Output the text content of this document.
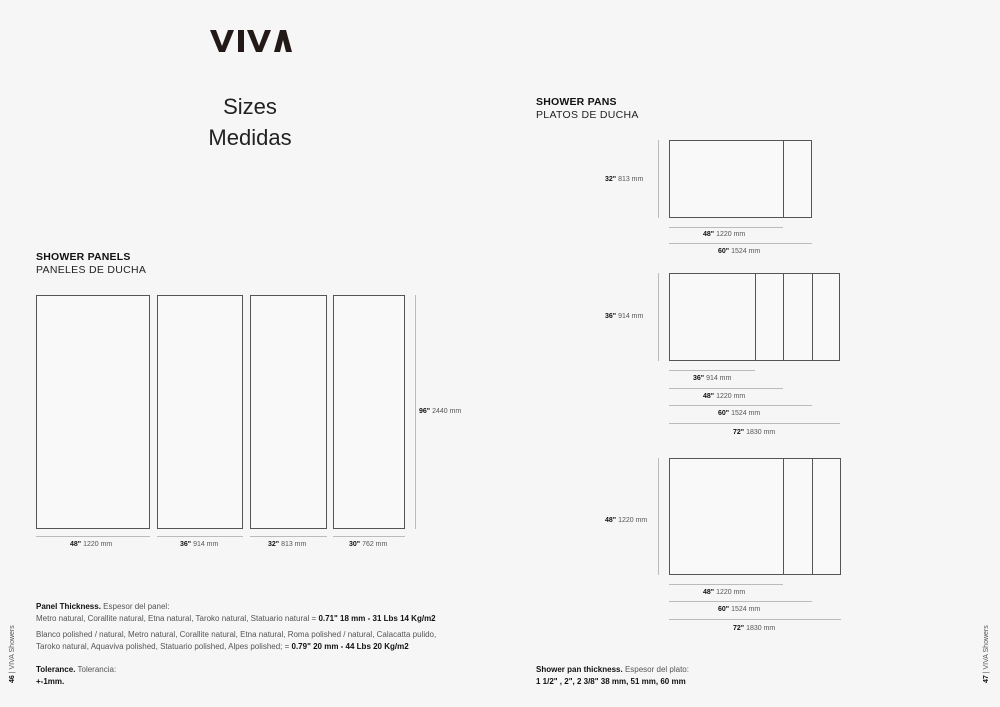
Sizes
Medidas
SHOWER PANELS
PANELES DE DUCHA
96" 2440 mm
48" 1220 mm	36" 914 mm	32" 813 mm	30" 762 mm
SHOWER PANS
PLATOS DE DUCHA
32" 813 mm
48" 1220 mm
60" 1524 mm
36" 914 mm
36" 914 mm
48" 1220 mm
60" 1524 mm
72" 1830 mm
48" 1220 mm
48" 1220 mm
60" 1524 mm
72" 1830 mm
Panel Thickness. Espesor del panel:
Metro natural, Corallite natural, Etna natural, Taroko natural, Statuario natural = 0.71" 18 mm - 31 Lbs 14 Kg/m2
Blanco polished / natural, Metro natural, Corallite natural, Etna natural, Roma polished / natural, Calacatta pulido,
Taroko natural, Aquaviva polished, Statuario polished, Alpes polished; = 0.79" 20 mm - 44 Lbs 20 Kg/m2
Tolerance. Tolerancia:
+-1mm.
Shower pan thickness. Espesor del plato:
1 1/2" , 2", 2 3/8" 38 mm, 51 mm, 60 mm
46 | VIVA Showers
47 | VIVA Showers
